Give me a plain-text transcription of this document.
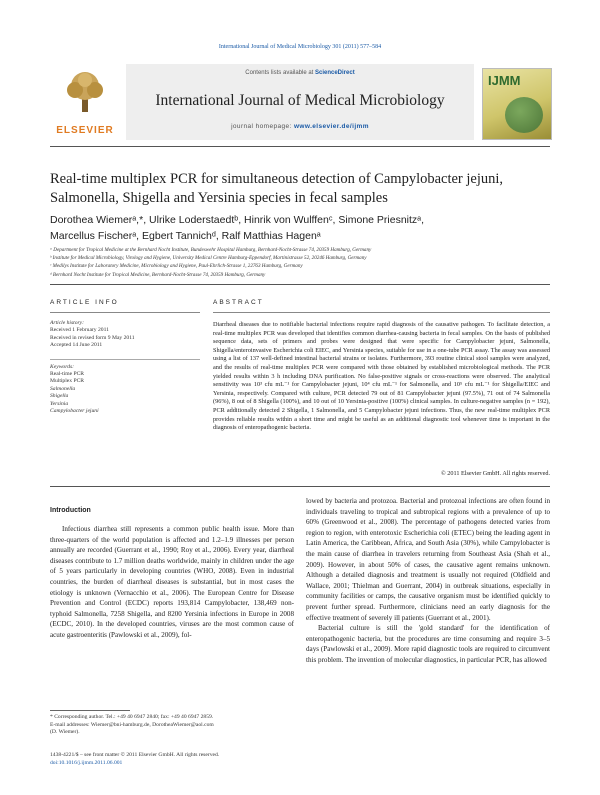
International Journal of Medical Microbiology 301 (2011) 577–584
ELSEVIER
Contents lists available at ScienceDirect
International Journal of Medical Microbiology
journal homepage: www.elsevier.de/ijmm
IJMM
Real-time multiplex PCR for simultaneous detection of Campylobacter jejuni, Salmonella, Shigella and Yersinia species in fecal samples
Dorothea Wiemerᵃ,*, Ulrike Loderstaedtᵇ, Hinrik von Wulffenᶜ, Simone Priesnitzᵃ,
Marcellus Fischerᵃ, Egbert Tannichᵈ, Ralf Matthias Hagenᵃ
ᵃ Department for Tropical Medicine at the Bernhard Nocht Institute, Bundeswehr Hospital Hamburg, Bernhard-Nocht-Strasse 74, 20359 Hamburg, Germany
ᵇ Institute for Medical Microbiology, Virology and Hygiene, University Medical Centre Hamburg-Eppendorf, Martinistrasse 52, 20246 Hamburg, Germany
ᶜ Medilys Institute for Laboratory Medicine, Microbiology and Hygiene, Paul-Ehrlich-Strasse 1, 22763 Hamburg, Germany
ᵈ Bernhard Nocht Institute for Tropical Medicine, Bernhard-Nocht-Strasse 74, 20359 Hamburg, Germany
ARTICLE INFO	ABSTRACT
Article history:
Received 1 February 2011
Received in revised form 9 May 2011
Accepted 14 June 2011
Keywords:
Real-time PCR
Multiplex PCR
Salmonella
Shigella
Yersinia
Campylobacter jejuni
Diarrheal diseases due to notifiable bacterial infections require rapid diagnosis of the causative pathogen. To facilitate detection, a real-time multiplex PCR was developed that identifies common diarrhea-causing bacteria in fecal samples. On the basis of published sequence data, sets of primers and probes were designed that were specific for Campylobacter jejuni, Salmonella, Shigella/enteroinvasive Escherichia coli EIEC, and Yersinia species, suitable for use in a one-tube PCR assay. The assay was assessed using a list of 137 well-defined intestinal bacterial strains or isolates. Furthermore, 393 routine clinical stool samples were analyzed, and the results of real-time multiplex PCR were compared with those obtained by established microbiological methods. The PCR yielded results within 3 h including DNA purification. No false-positive signals or cross-reactions were observed. The analytical sensitivity was 10³ cfu mL⁻¹ for Campylobacter jejuni, 10⁴ cfu mL⁻¹ for Salmonella, and 10⁵ cfu mL⁻¹ for Shigella/EIEC and Yersinia, respectively. Compared with culture, PCR detected 79 out of 81 Campylobacter jejuni (97.5%), 71 out of 74 Salmonella (96%), 8 out of 8 Shigella (100%), and 10 out of 10 Yersinia-positive (100%) clinical samples. In culture-negative samples (n = 192), PCR additionally detected 2 Shigella, 1 Salmonella, and 5 Campylobacter jejuni infections. Thus, the new real-time multiplex PCR provides reliable results within a short time and might be useful as an additional diagnostic tool whenever time is important in the diagnosis of enteropathogenic bacteria.
© 2011 Elsevier GmbH. All rights reserved.
Introduction

Infectious diarrhea still represents a common public health issue. More than three-quarters of the world population is affected and 1.2–1.9 illnesses per person annually are recorded (Guerrant et al., 1990; Roy et al., 2006). Every year, diarrheal diseases contribute to 1.7 million deaths worldwide, mainly in children under the age of 5 years particularly in developing countries (WHO, 2008). Even in industrial countries, the burden of diarrheal diseases is substantial, but in most cases the etiology is unknown (Vernacchio et al., 2006). The European Centre for Disease Prevention and Control (ECDC) reports 193,814 Campylobacter, 138,469 non-typhoid Salmonella, 7258 Shigella, and 8200 Yersinia infections in Europe in 2008 (ECDC, 2010). In the developed countries, viruses are the most common cause of acute gastroenteritis (Pawlowski et al., 2009), fol-

lowed by bacteria and protozoa. Bacterial and protozoal infections are often found in individuals traveling to tropical and subtropical regions with a prevalence of up to 60% (Greenwood et al., 2008). The percentage of pathogens detected varies from region to region, with enterotoxic Escherichia coli (ETEC) being the leading agent in Latin America, the Caribbean, Africa, and South Asia (30%), while Campylobacter is the main cause of diarrhea in travelers returning from Southeast Asia (Shah et al., 2009). However, in about 50% of cases, the causative agent remains unknown. Although a detailed diagnosis and treatment is usually not required (Oldfield and Wallace, 2001; Thielman and Guerrant, 2004) in outbreak situations, especially in community facilities or camps, the causative organism must be identified quickly to prevent further spread. Furthermore, clinicians need an early diagnosis for the effective treatment of severely ill patients (Guerrant et al., 2001).

Bacterial culture is still the 'gold standard' for the identification of enteropathogenic bacteria, but the procedures are time consuming and require 3–5 days (Pawlowski et al., 2009). More rapid diagnostic tools are required to circumvent this problem. The invention of molecular diagnostics, in particular PCR, has allowed

* Corresponding author. Tel.: +49 40 6947 2840; fax: +49 40 6947 2859.
E-mail addresses: Wiemer@bni-hamburg.de, DorotheaWiemer@aol.com
(D. Wiemer).
1438-4221/$ – see front matter © 2011 Elsevier GmbH. All rights reserved.
doi:10.1016/j.ijmm.2011.06.001
